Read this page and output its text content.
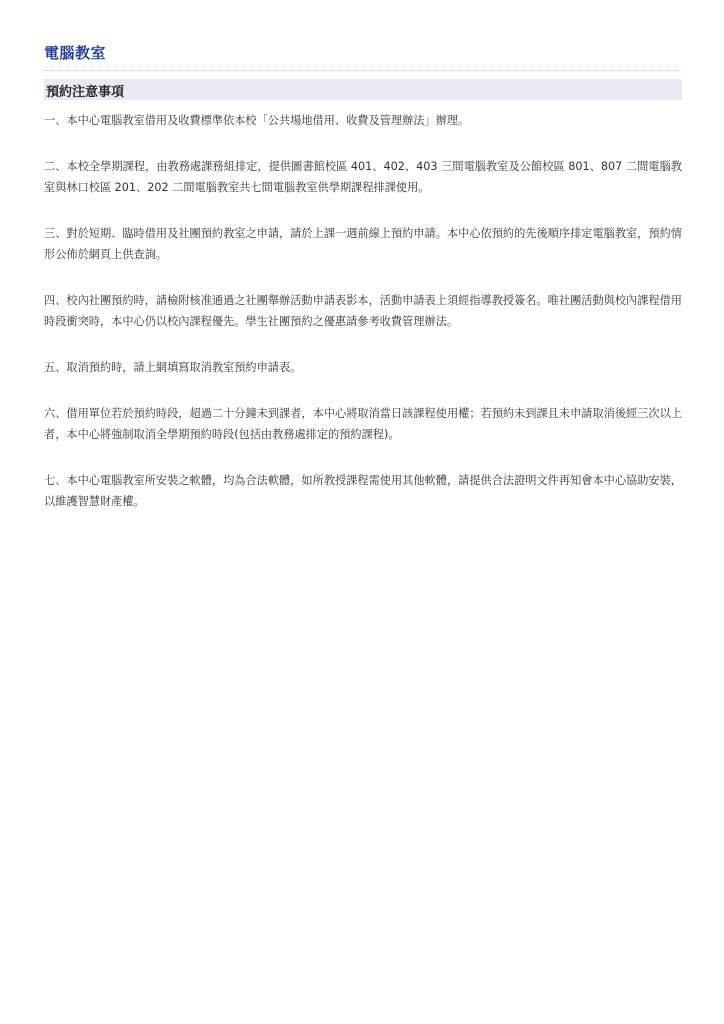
電腦教室
預約注意事項
一、本中心電腦教室借用及收費標準依本校「公共場地借用、收費及管理辦法」辦理。
二、本校全學期課程，由教務處課務組排定，提供圖書館校區 401、402、403 三間電腦教室及公館校區 801、807 二間電腦教室與林口校區 201、202 二間電腦教室共七間電腦教室供學期課程排課使用。
三、對於短期、臨時借用及社團預約教室之申請，請於上課一週前線上預約申請。本中心依預約的先後順序排定電腦教室，預約情形公佈於網頁上供查詢。
四、校內社團預約時，請檢附核准通過之社團舉辦活動申請表影本，活動申請表上須經指導教授簽名。唯社團活動與校內課程借用時段衝突時，本中心仍以校內課程優先。學生社團預約之優惠請參考收費管理辦法。
五、取消預約時，請上網填寫取消教室預約申請表。
六、借用單位若於預約時段，超過二十分鐘未到課者，本中心將取消當日該課程使用權；若預約未到課且未申請取消後經三次以上者，本中心將強制取消全學期預約時段(包括由教務處排定的預約課程)。
七、本中心電腦教室所安裝之軟體，均為合法軟體，如所教授課程需使用其他軟體，請提供合法證明文件再知會本中心協助安裝，以維護智慧財產權。
